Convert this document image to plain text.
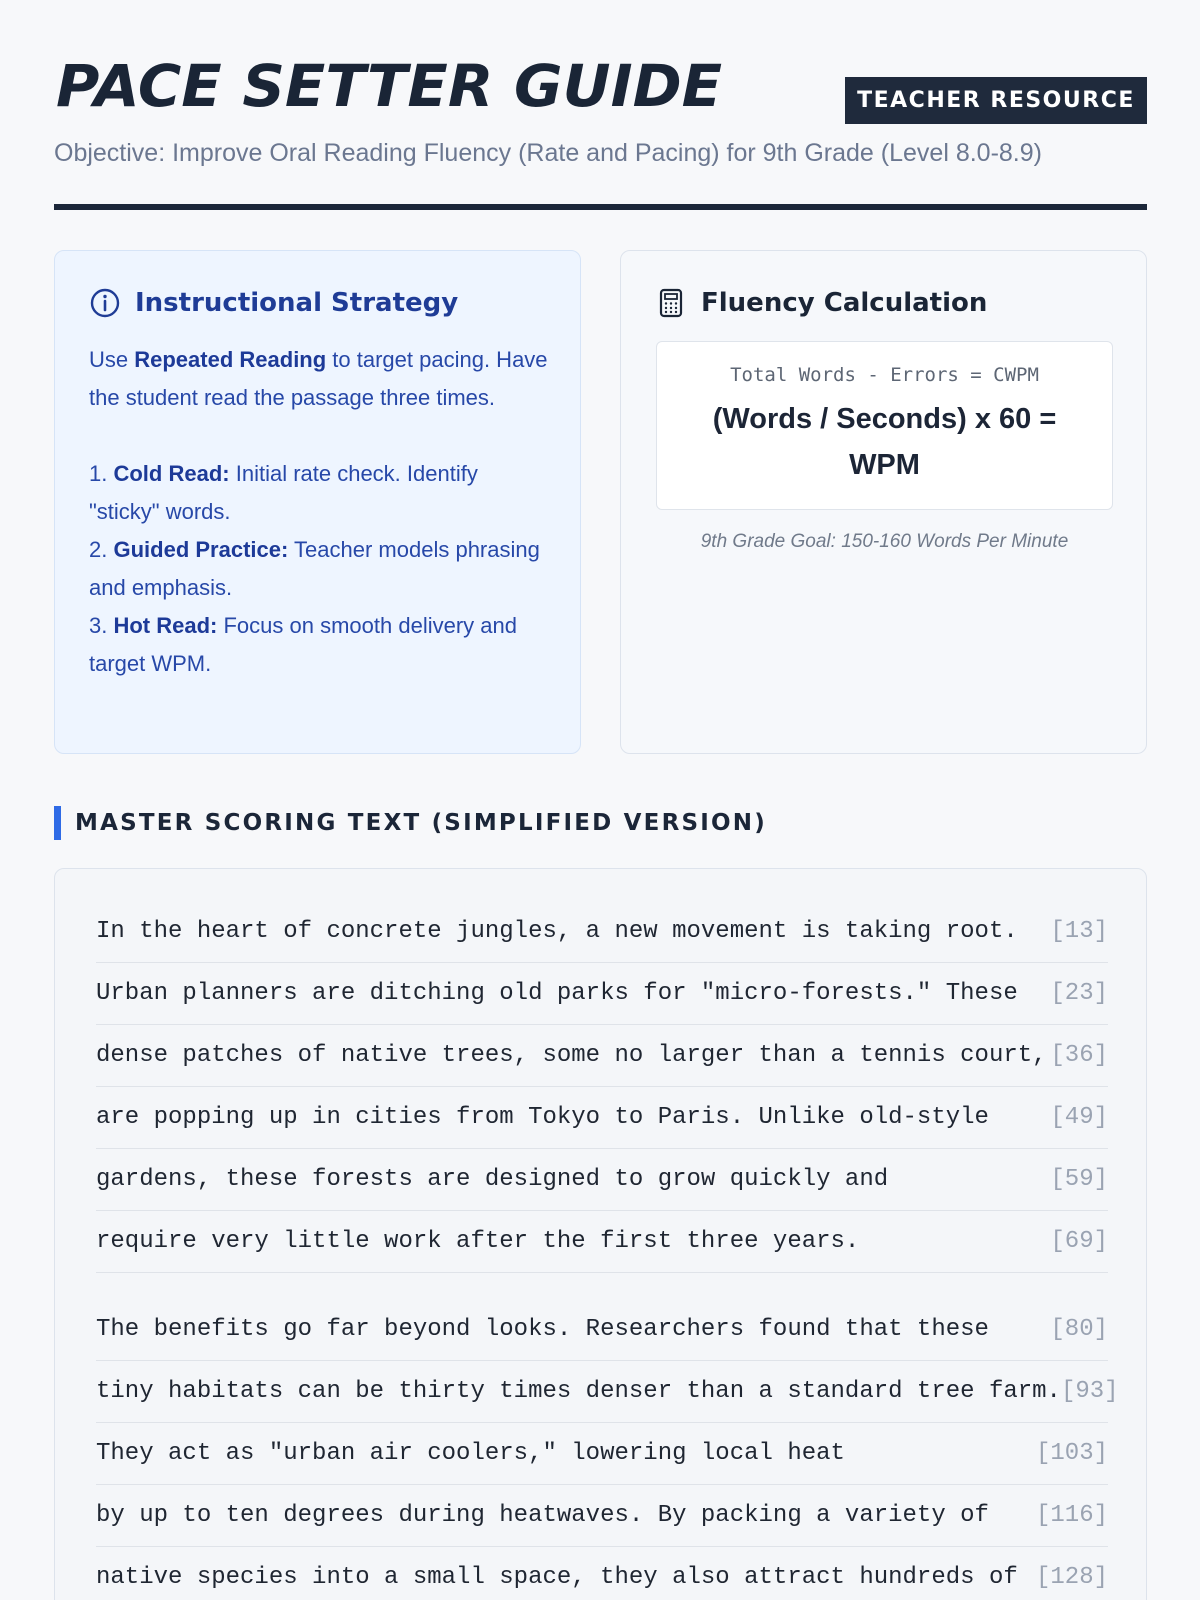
PACE SETTER GUIDE	TEACHER RESOURCE
Objective: Improve Oral Reading Fluency (Rate and Pacing) for 9th Grade (Level 8.0-8.9)
Instructional Strategy
Use Repeated Reading to target pacing. Have the student read the passage three times.
1. Cold Read: Initial rate check. Identify "sticky" words.
2. Guided Practice: Teacher models phrasing and emphasis.
3. Hot Read: Focus on smooth delivery and target WPM.
Fluency Calculation
Total Words - Errors = CWPM
(Words / Seconds) x 60 = WPM
9th Grade Goal: 150-160 Words Per Minute
MASTER SCORING TEXT (SIMPLIFIED VERSION)
In the heart of concrete jungles, a new movement is taking root. [13]
Urban planners are ditching old parks for "micro-forests." These [23]
dense patches of native trees, some no larger than a tennis court, [36]
are popping up in cities from Tokyo to Paris. Unlike old-style	[49]
gardens, these forests are designed to grow quickly and	[59]
require very little work after the first three years.	[69]
The benefits go far beyond looks. Researchers found that these	[80]
tiny habitats can be thirty times denser than a standard tree farm. [93]
They act as "urban air coolers," lowering local heat	[103]
by up to ten degrees during heatwaves. By packing a variety of [116]
native species into a small space, they also attract hundreds of [128]
